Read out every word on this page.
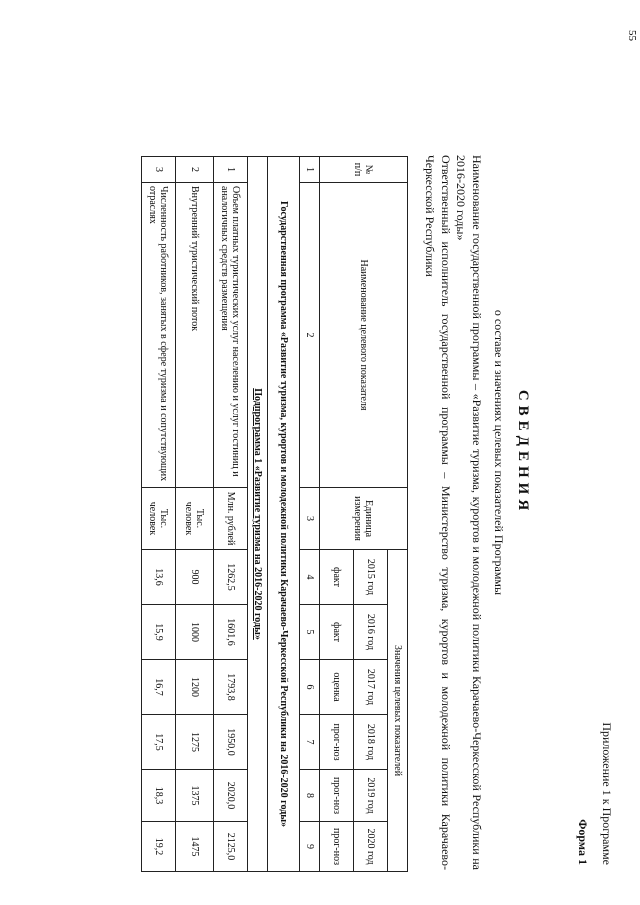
55
Приложение 1 к Программе
Форма 1
СВЕДЕНИЯ
о составе и значениях целевых показателей Программы

Наименование государственной программы – «Развитие туризма, курортов и молодежной политики Карачаево-Черкесской Республики на 2016-2020 годы»

Ответственный исполнитель государственной программы – Министерство туризма, курортов и молодежной политики Карачаево-Черкесской Республики

№ п/п	Наименование целевого показателя	Единица измерения	Значения целевых показателей					
			2015 год	2016 год	2017 год	2018 год	2019 год	2020 год
			факт	факт	оценка	прог-ноз	прог-ноз	прог-ноз
1	2	3	4	5	6	7	8	9
Государственная программа «Развитие туризма, курортов и молодежной политики Карачаево-Черкесской Республики на 2016-2020 годы»								
Подпрограмма 1 «Развитие туризма на 2016-2020 годы»								
1	Объем платных туристических услуг населению и услуг гостиниц и аналогичных средств размещения	Млн. рублей	1262,5	1601,6	1793,8	1950,0	2020,0	2125,0
2	Внутренний туристический поток	Тыс. человек	900	1000	1200	1275	1375	1475
3	Численность работников, занятых в сфере туризма и сопутствующих отраслях	Тыс. человек	13,6	15,9	16,7	17,5	18,3	19,2
